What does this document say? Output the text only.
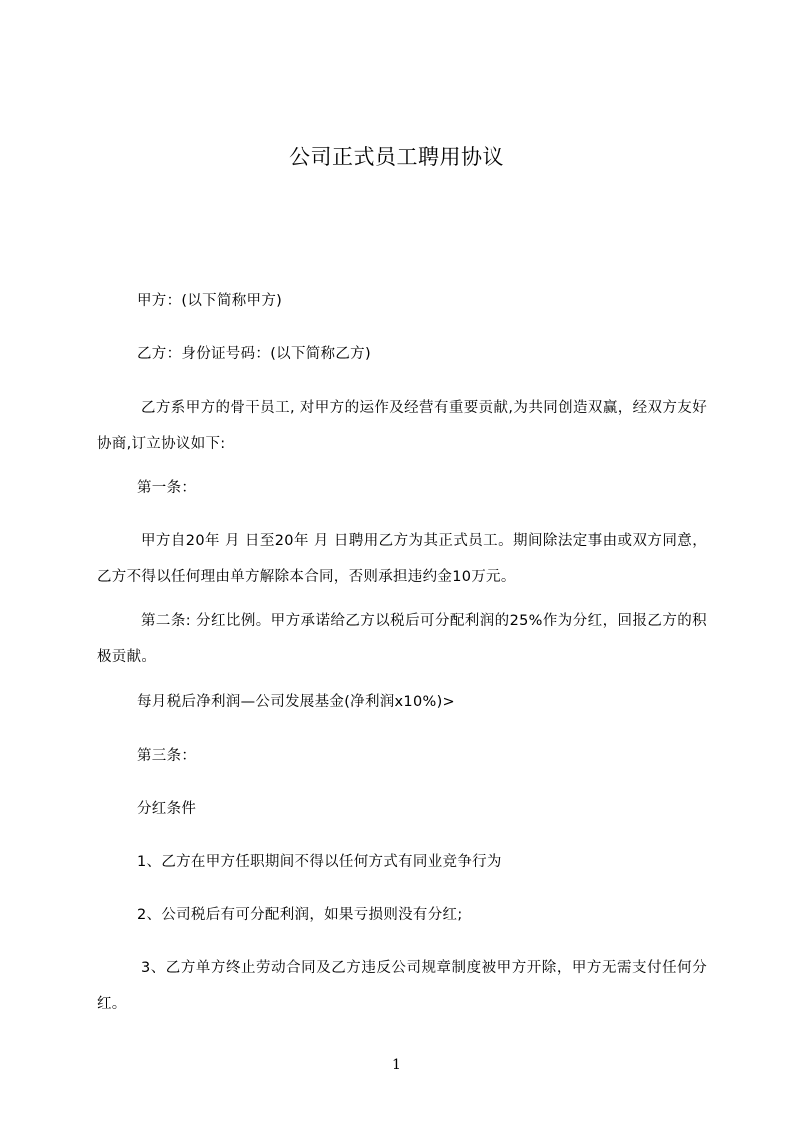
公司正式员工聘用协议
甲方：(以下简称甲方)
乙方：身份证号码：(以下简称乙方)
乙方系甲方的骨干员工, 对甲方的运作及经营有重要贡献,为共同创造双赢，经双方友好协商,订立协议如下:
第一条：
甲方自20年 月 日至20年 月 日聘用乙方为其正式员工。期间除法定事由或双方同意，乙方不得以任何理由单方解除本合同，否则承担违约金10万元。
第二条: 分红比例。甲方承诺给乙方以税后可分配利润的25%作为分红，回报乙方的积极贡献。
每月税后净利润—公司发展基金(净利润x10%)>
第三条：
分红条件
1、乙方在甲方任职期间不得以任何方式有同业竞争行为
2、公司税后有可分配利润，如果亏损则没有分红;
3、乙方单方终止劳动合同及乙方违反公司规章制度被甲方开除，甲方无需支付任何分红。
1
